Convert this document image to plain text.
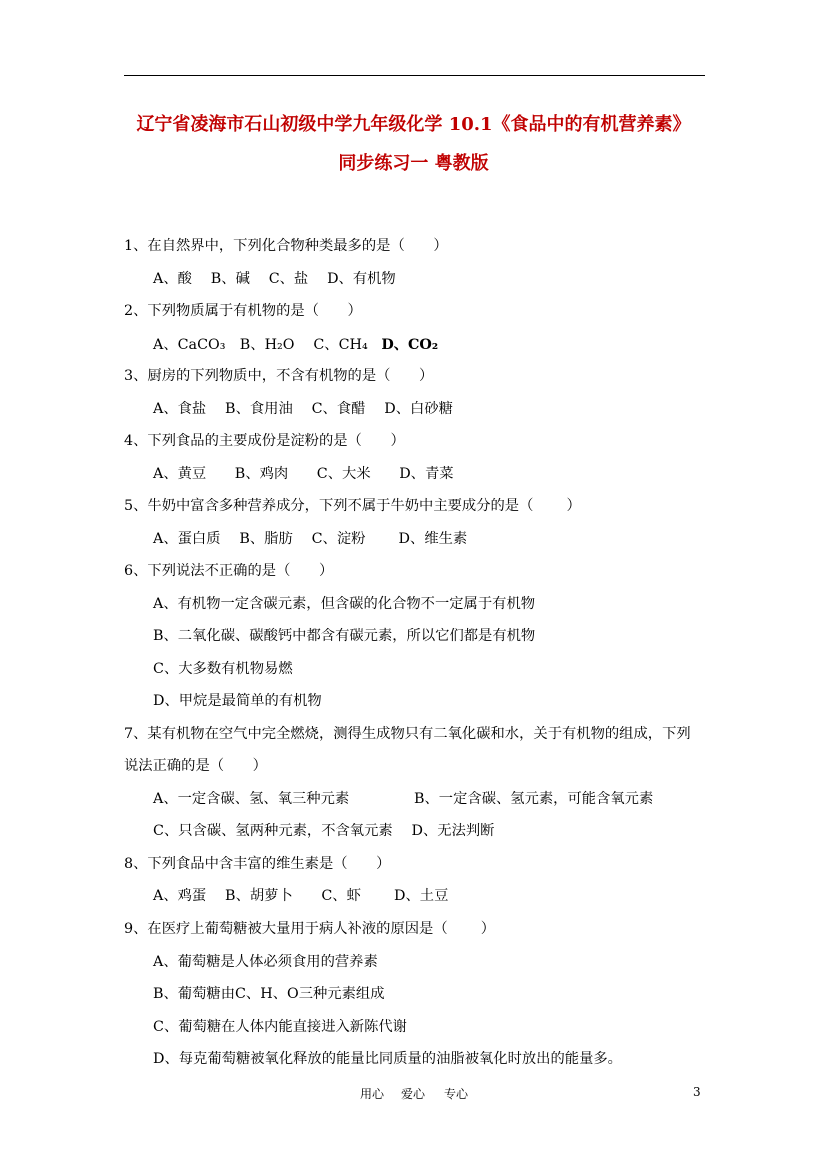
辽宁省凌海市石山初级中学九年级化学 10.1《食品中的有机营养素》
同步练习一 粤教版
1、在自然界中，下列化合物种类最多的是（　　）
A、酸　 B、碱　 C、盐　 D、有机物
2、下列物质属于有机物的是（　　）
A、CaCO₃　B、H₂O　 C、CH₄ D、CO₂
3、厨房的下列物质中，不含有机物的是（　　）
A、食盐　 B、食用油　 C、食醋　 D、白砂糖
4、下列食品的主要成份是淀粉的是（　　）
A、黄豆　　B、鸡肉　　C、大米　　D、青菜
5、牛奶中富含多种营养成分，下列不属于牛奶中主要成分的是（　　 ）
A、蛋白质　 B、脂肪　 C、淀粉　　 D、维生素
6、下列说法不正确的是（　　）
A、有机物一定含碳元素，但含碳的化合物不一定属于有机物
B、二氧化碳、碳酸钙中都含有碳元素，所以它们都是有机物
C、大多数有机物易燃
D、甲烷是最简单的有机物
7、某有机物在空气中完全燃烧，测得生成物只有二氧化碳和水，关于有机物的组成，下列
说法正确的是（　　）
A、一定含碳、氢、氧三种元素	B、一定含碳、氢元素，可能含氧元素
C、只含碳、氢两种元素，不含氧元素　 D、无法判断
8、下列食品中含丰富的维生素是（　　）
A、鸡蛋　 B、胡萝卜　　C、虾　　 D、土豆
9、在医疗上葡萄糖被大量用于病人补液的原因是（　　 ）
A、葡萄糖是人体必须食用的营养素
B、葡萄糖由C、H、O三种元素组成
C、葡萄糖在人体内能直接进入新陈代谢
D、每克葡萄糖被氧化释放的能量比同质量的油脂被氧化时放出的能量多。
用心 爱心 专心	3
